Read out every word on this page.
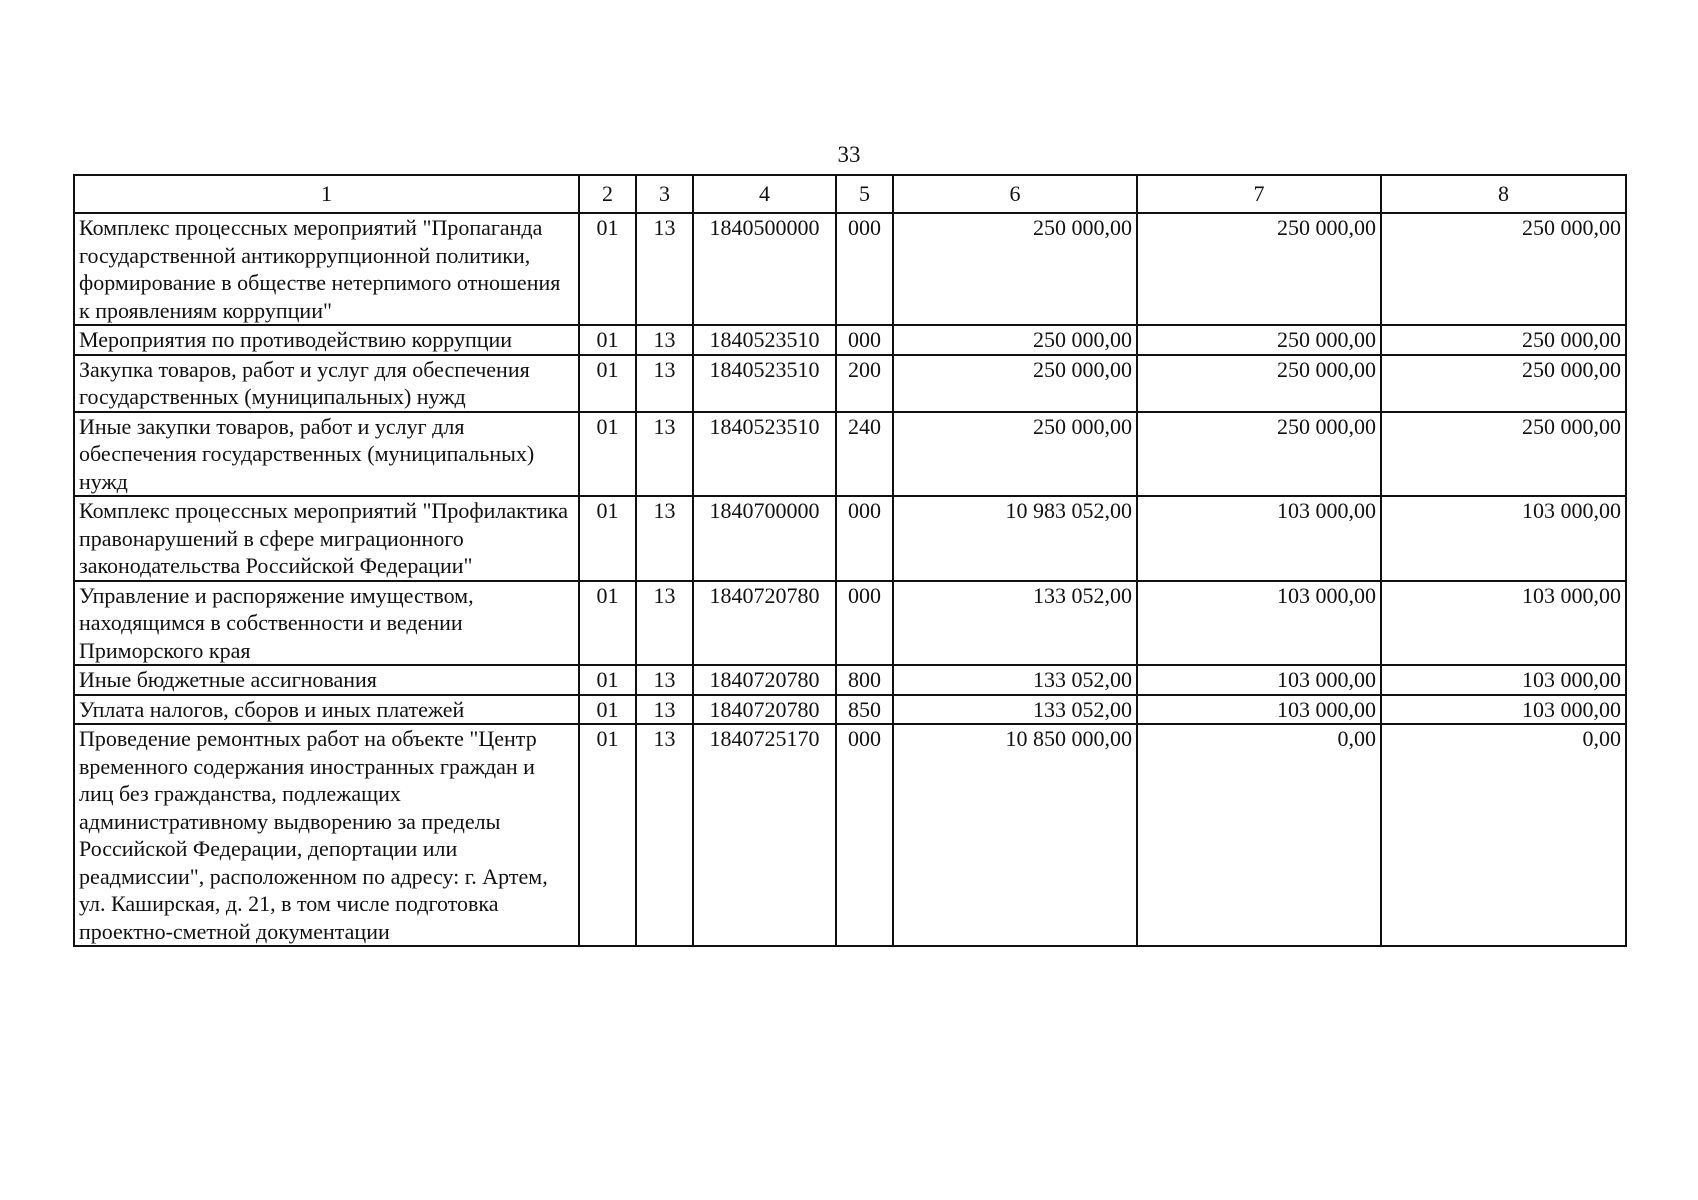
33
1	2	3	4	5	6	7	8
Комплекс процессных мероприятий "Пропаганда государственной антикоррупционной политики, формирование в обществе нетерпимого отношения к проявлениям коррупции"	01	13	1840500000	000	250 000,00	250 000,00	250 000,00
Мероприятия по противодействию коррупции	01	13	1840523510	000	250 000,00	250 000,00	250 000,00
Закупка товаров, работ и услуг для обеспечения государственных (муниципальных) нужд	01	13	1840523510	200	250 000,00	250 000,00	250 000,00
Иные закупки товаров, работ и услуг для обеспечения государственных (муниципальных) нужд	01	13	1840523510	240	250 000,00	250 000,00	250 000,00
Комплекс процессных мероприятий "Профилактика правонарушений в сфере миграционного законодательства Российской Федерации"	01	13	1840700000	000	10 983 052,00	103 000,00	103 000,00
Управление и распоряжение имуществом, находящимся в собственности и ведении Приморского края	01	13	1840720780	000	133 052,00	103 000,00	103 000,00
Иные бюджетные ассигнования	01	13	1840720780	800	133 052,00	103 000,00	103 000,00
Уплата налогов, сборов и иных платежей	01	13	1840720780	850	133 052,00	103 000,00	103 000,00
Проведение ремонтных работ на объекте "Центр временного содержания иностранных граждан и лиц без гражданства, подлежащих административному выдворению за пределы Российской Федерации, депортации или реадмиссии", расположенном по адресу: г. Артем, ул. Каширская, д. 21, в том числе подготовка проектно-сметной документации	01	13	1840725170	000	10 850 000,00	0,00	0,00
